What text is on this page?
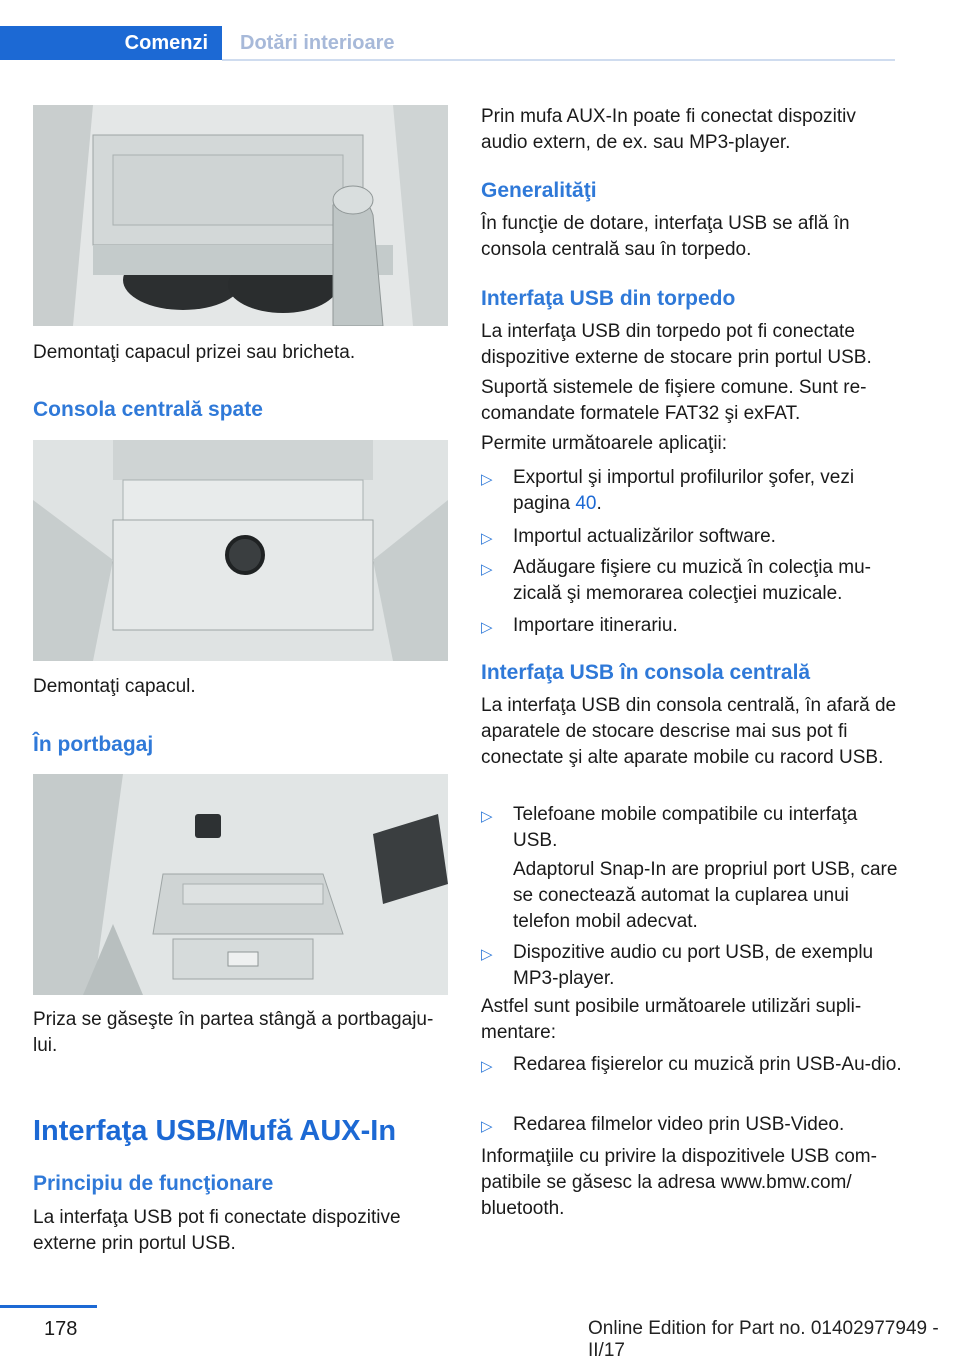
Comenzi	Dotări interioare

Demontaţi capacul prizei sau bricheta.

Consola centrală spate

Demontaţi capacul.

În portbagaj

Priza se găseşte în partea stângă a portbagaju-lui.

Interfaţa USB/Mufă AUX-In
Principiu de funcţionare

La interfaţa USB pot fi conectate dispozitive externe prin portul USB.

Prin mufa AUX-In poate fi conectat dispozitiv audio extern, de ex. sau MP3-player.

Generalităţi

În funcţie de dotare, interfaţa USB se află în consola centrală sau în torpedo.

Interfaţa USB din torpedo

La interfaţa USB din torpedo pot fi conectate dispozitive externe de stocare prin portul USB.

Suportă sistemele de fişiere comune. Sunt re-comandate formatele FAT32 şi exFAT.

Permite următoarele aplicaţii:

▷ Exportul şi importul profilurilor şofer, vezi pagina 40.
▷ Importul actualizărilor software.
▷ Adăugare fişiere cu muzică în colecţia mu-zicală şi memorarea colecţiei muzicale.
▷ Importare itinerariu.
Interfaţa USB în consola centrală

La interfaţa USB din consola centrală, în afară de aparatele de stocare descrise mai sus pot fi conectate şi alte aparate mobile cu racord USB.

▷ Telefoane mobile compatibile cu interfaţa USB.

Adaptorul Snap-In are propriul port USB, care se conectează automat la cuplarea unui telefon mobil adecvat.

▷ Dispozitive audio cu port USB, de exemplu MP3-player.

Astfel sunt posibile următoarele utilizări supli-mentare:

▷ Redarea fişierelor cu muzică prin USB-Au-dio.
▷ Redarea filmelor video prin USB-Video.

Informaţiile cu privire la dispozitivele USB com-patibile se găsesc la adresa www.bmw.com/ bluetooth.

178	Online Edition for Part no. 01402977949 - II/17
